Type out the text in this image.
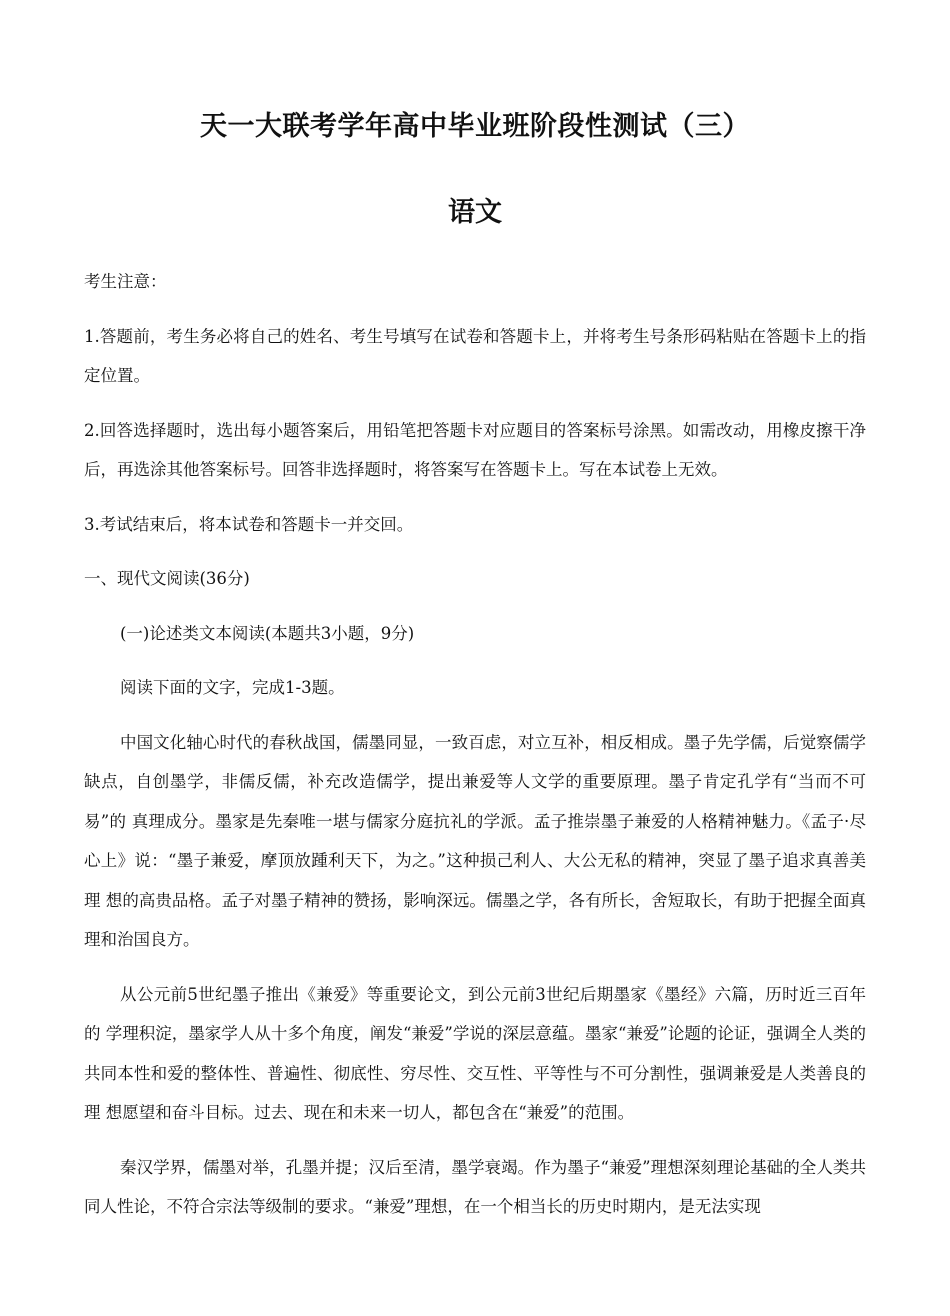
天一大联考学年高中毕业班阶段性测试（三）
语文

考生注意：

1.答题前，考生务必将自己的姓名、考生号填写在试卷和答题卡上，并将考生号条形码粘贴在答题卡上的指定位置。

2.回答选择题时，选出每小题答案后，用铅笔把答题卡对应题目的答案标号涂黑。如需改动，用橡皮擦干净后，再选涂其他答案标号。回答非选择题时，将答案写在答题卡上。写在本试卷上无效。

3.考试结束后，将本试卷和答题卡一并交回。

一、现代文阅读(36分)

(一)论述类文本阅读(本题共3小题，9分)

阅读下面的文字，完成1-3题。

中国文化轴心时代的春秋战国，儒墨同显，一致百虑，对立互补，相反相成。墨子先学儒，后觉察儒学缺点，自创墨学，非儒反儒，补充改造儒学，提出兼爱等人文学的重要原理。墨子肯定孔学有“当而不可易”的 真理成分。墨家是先秦唯一堪与儒家分庭抗礼的学派。孟子推崇墨子兼爱的人格精神魅力。《孟子·尽心上》说：“墨子兼爱，摩顶放踵利天下，为之。”这种损己利人、大公无私的精神，突显了墨子追求真善美理 想的高贵品格。孟子对墨子精神的赞扬，影响深远。儒墨之学，各有所长，舍短取长，有助于把握全面真理和治国良方。

从公元前5世纪墨子推出《兼爱》等重要论文，到公元前3世纪后期墨家《墨经》六篇，历时近三百年的 学理积淀，墨家学人从十多个角度，阐发“兼爱”学说的深层意蕴。墨家“兼爱”论题的论证，强调全人类的 共同本性和爱的整体性、普遍性、彻底性、穷尽性、交互性、平等性与不可分割性，强调兼爱是人类善良的理 想愿望和奋斗目标。过去、现在和未来一切人，都包含在“兼爱”的范围。

秦汉学界，儒墨对举，孔墨并提；汉后至清，墨学衰竭。作为墨子“兼爱”理想深刻理论基础的全人类共同人性论，不符合宗法等级制的要求。“兼爱”理想，在一个相当长的历史时期内，是无法实现
